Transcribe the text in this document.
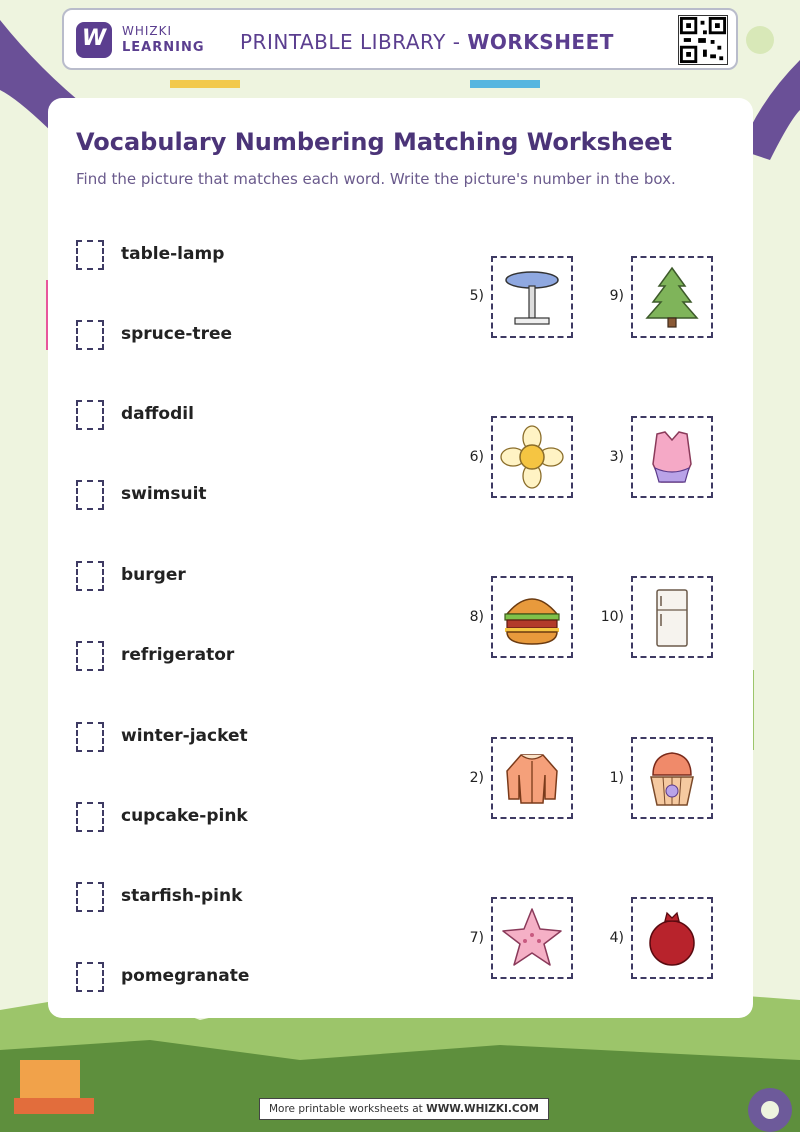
W	WHIZKI
LEARNING PRINTABLE LIBRARY - WORKSHEET
Vocabulary Numbering Matching Worksheet
Find the picture that matches each word. Write the picture's number in the box.
table-lamp
spruce-tree
daffodil
swimsuit
burger
refrigerator
winter-jacket
cupcake-pink
starfish-pink
pomegranate
5)	9)
6)	3)
8)	10)
2)	1)
7)	4)
More printable worksheets at WWW.WHIZKI.COM
